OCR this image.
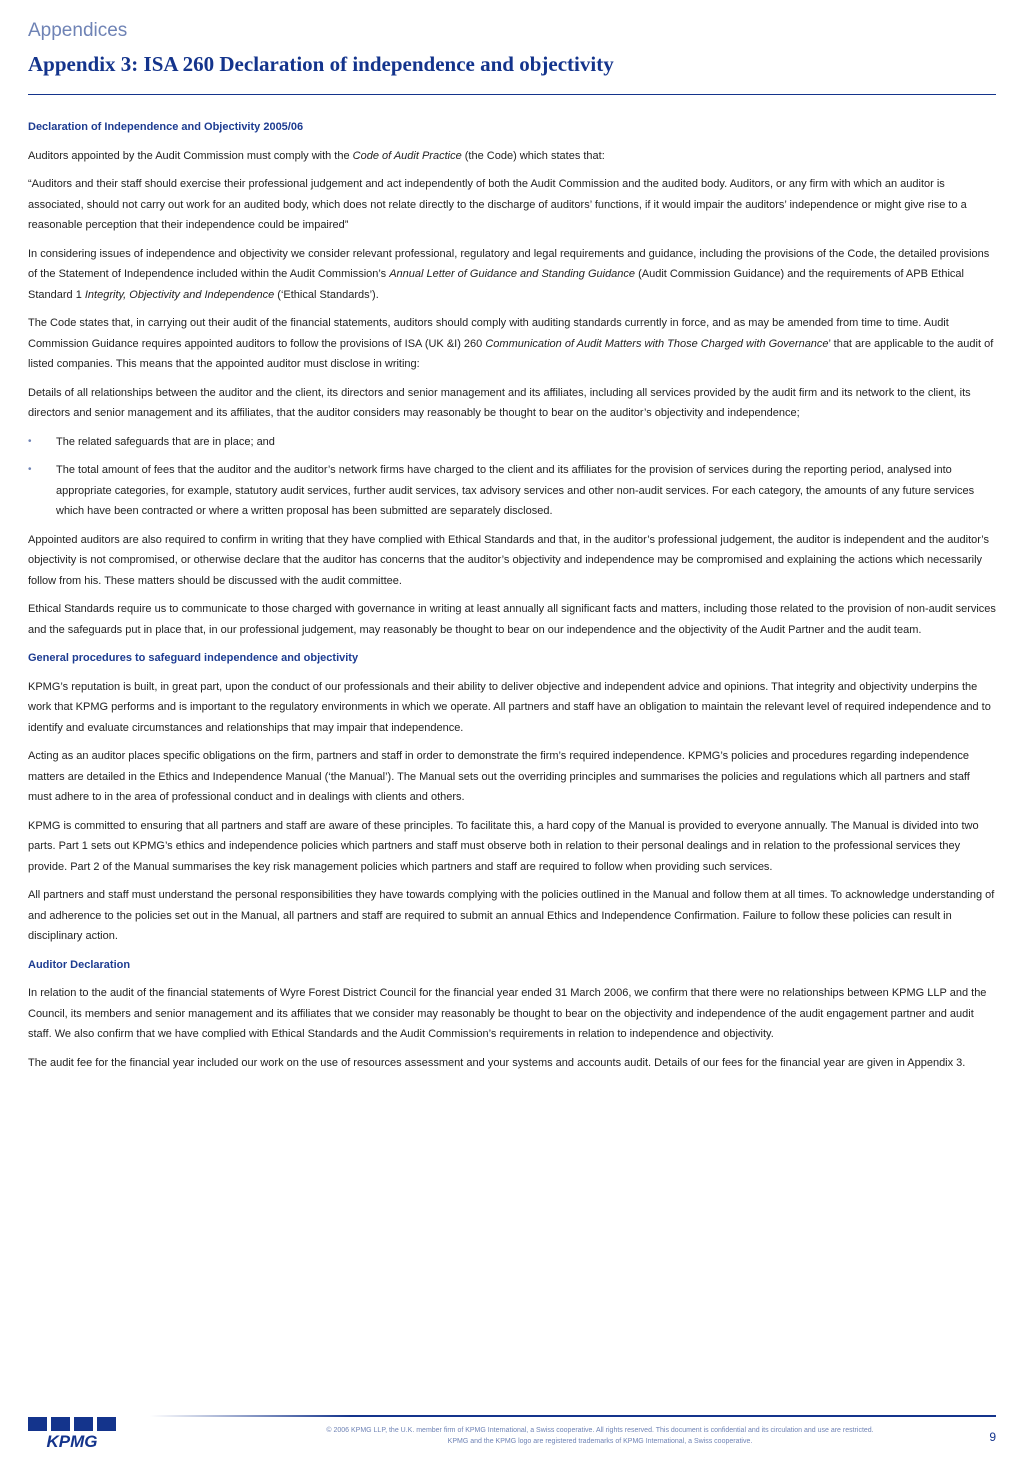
Appendices
Appendix 3: ISA 260 Declaration of independence and objectivity
Declaration of Independence and Objectivity 2005/06

Auditors appointed by the Audit Commission must comply with the Code of Audit Practice (the Code) which states that:

“Auditors and their staff should exercise their professional judgement and act independently of both the Audit Commission and the audited body. Auditors, or any firm with which an auditor is associated, should not carry out work for an audited body, which does not relate directly to the discharge of auditors’ functions, if it would impair the auditors’ independence or might give rise to a reasonable perception that their independence could be impaired”

In considering issues of independence and objectivity we consider relevant professional, regulatory and legal requirements and guidance, including the provisions of the Code, the detailed provisions of the Statement of Independence included within the Audit Commission’s Annual Letter of Guidance and Standing Guidance (Audit Commission Guidance) and the requirements of APB Ethical Standard 1 Integrity, Objectivity and Independence (‘Ethical Standards’).

The Code states that, in carrying out their audit of the financial statements, auditors should comply with auditing standards currently in force, and as may be amended from time to time. Audit Commission Guidance requires appointed auditors to follow the provisions of ISA (UK &I) 260 Communication of Audit Matters with Those Charged with Governance’ that are applicable to the audit of listed companies. This means that the appointed auditor must disclose in writing:

Details of all relationships between the auditor and the client, its directors and senior management and its affiliates, including all services provided by the audit firm and its network to the client, its directors and senior management and its affiliates, that the auditor considers may reasonably be thought to bear on the auditor’s objectivity and independence;

• The related safeguards that are in place; and
• The total amount of fees that the auditor and the auditor’s network firms have charged to the client and its affiliates for the provision of services during the reporting period, analysed into appropriate categories, for example, statutory audit services, further audit services, tax advisory services and other non-audit services. For each category, the amounts of any future services which have been contracted or where a written proposal has been submitted are separately disclosed.

Appointed auditors are also required to confirm in writing that they have complied with Ethical Standards and that, in the auditor’s professional judgement, the auditor is independent and the auditor’s objectivity is not compromised, or otherwise declare that the auditor has concerns that the auditor’s objectivity and independence may be compromised and explaining the actions which necessarily follow from his. These matters should be discussed with the audit committee.

Ethical Standards require us to communicate to those charged with governance in writing at least annually all significant facts and matters, including those related to the provision of non-audit services and the safeguards put in place that, in our professional judgement, may reasonably be thought to bear on our independence and the objectivity of the Audit Partner and the audit team.

General procedures to safeguard independence and objectivity

KPMG’s reputation is built, in great part, upon the conduct of our professionals and their ability to deliver objective and independent advice and opinions. That integrity and objectivity underpins the work that KPMG performs and is important to the regulatory environments in which we operate. All partners and staff have an obligation to maintain the relevant level of required independence and to identify and evaluate circumstances and relationships that may impair that independence.

Acting as an auditor places specific obligations on the firm, partners and staff in order to demonstrate the firm’s required independence. KPMG’s policies and procedures regarding independence matters are detailed in the Ethics and Independence Manual (‘the Manual’). The Manual sets out the overriding principles and summarises the policies and regulations which all partners and staff must adhere to in the area of professional conduct and in dealings with clients and others.

KPMG is committed to ensuring that all partners and staff are aware of these principles. To facilitate this, a hard copy of the Manual is provided to everyone annually. The Manual is divided into two parts. Part 1 sets out KPMG’s ethics and independence policies which partners and staff must observe both in relation to their personal dealings and in relation to the professional services they provide. Part 2 of the Manual summarises the key risk management policies which partners and staff are required to follow when providing such services.

All partners and staff must understand the personal responsibilities they have towards complying with the policies outlined in the Manual and follow them at all times. To acknowledge understanding of and adherence to the policies set out in the Manual, all partners and staff are required to submit an annual Ethics and Independence Confirmation. Failure to follow these policies can result in disciplinary action.

Auditor Declaration

In relation to the audit of the financial statements of Wyre Forest District Council for the financial year ended 31 March 2006, we confirm that there were no relationships between KPMG LLP and the Council, its members and senior management and its affiliates that we consider may reasonably be thought to bear on the objectivity and independence of the audit engagement partner and audit staff. We also confirm that we have complied with Ethical Standards and the Audit Commission’s requirements in relation to independence and objectivity.

The audit fee for the financial year included our work on the use of resources assessment and your systems and accounts audit. Details of our fees for the financial year are given in Appendix 3.

KPMG
© 2006 KPMG LLP, the U.K. member firm of KPMG International, a Swiss cooperative. All rights reserved. This document is confidential and its circulation and use are restricted.
KPMG and the KPMG logo are registered trademarks of KPMG International, a Swiss cooperative.	9
